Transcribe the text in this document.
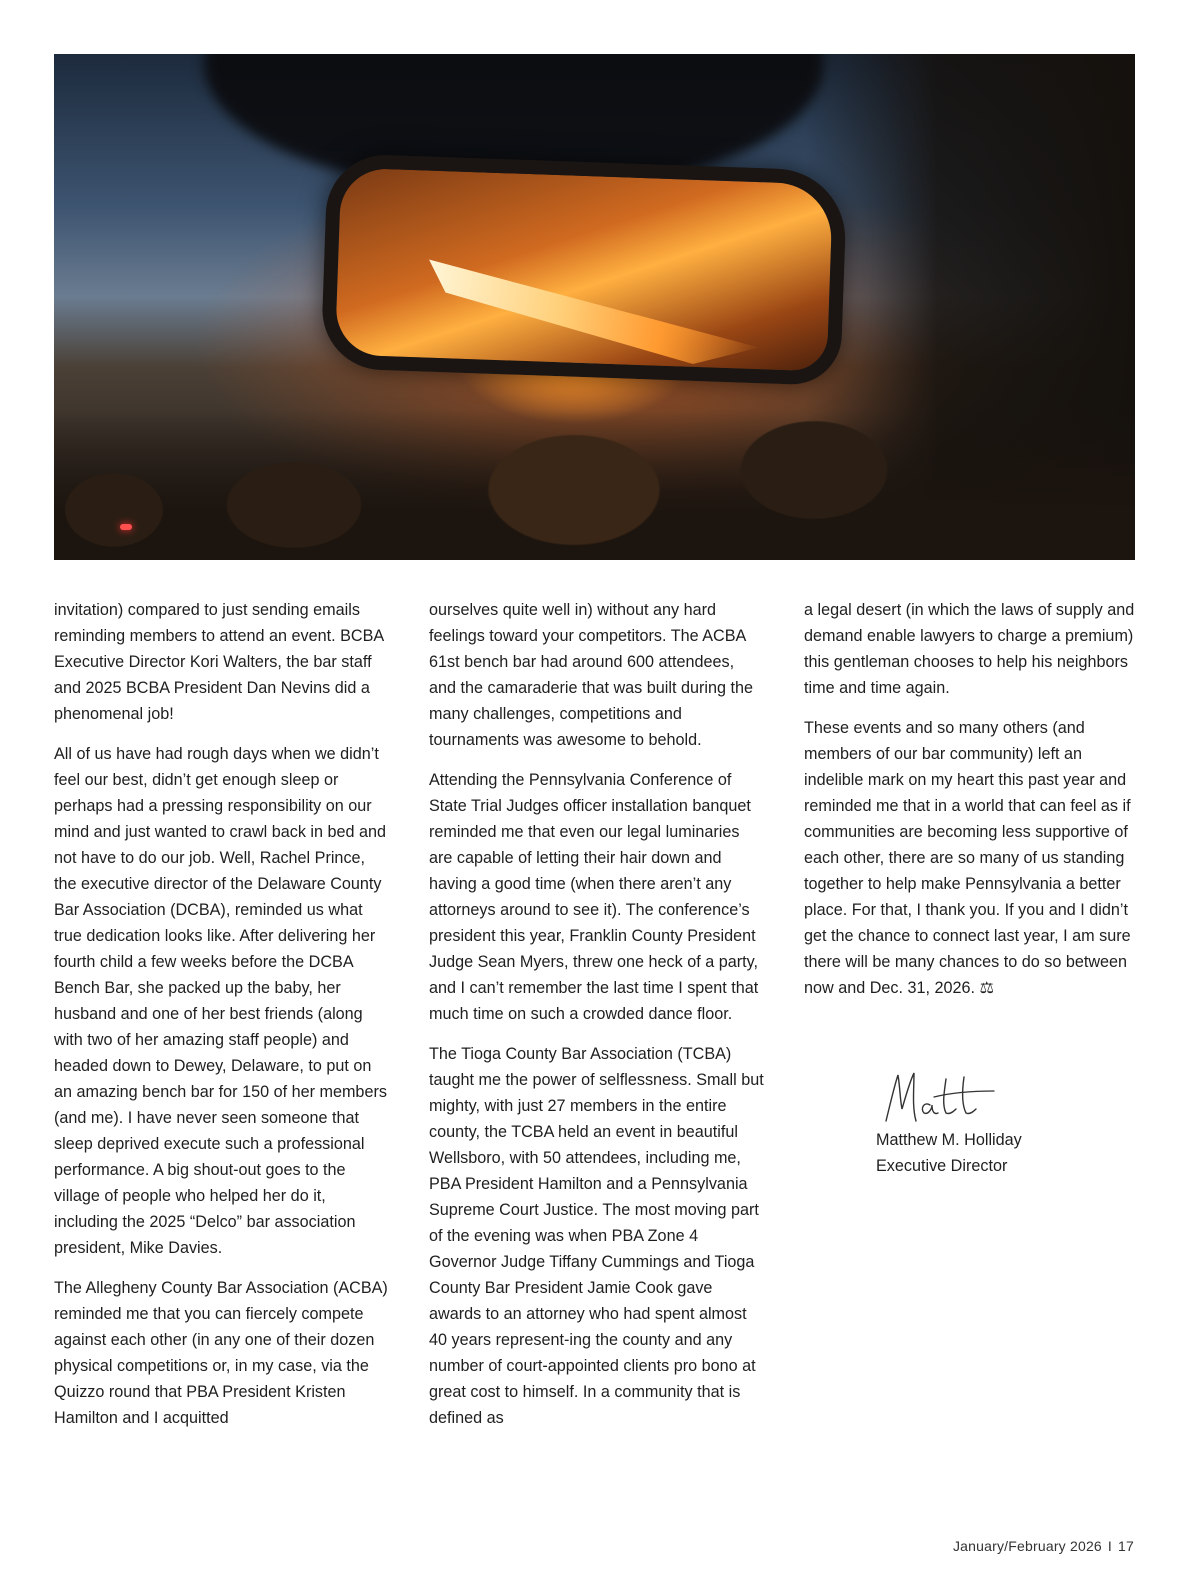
invitation) compared to just sending emails reminding members to attend an event. BCBA Executive Director Kori Walters, the bar staff and 2025 BCBA President Dan Nevins did a phenomenal job!

All of us have had rough days when we didn’t feel our best, didn’t get enough sleep or perhaps had a pressing responsibility on our mind and just wanted to crawl back in bed and not have to do our job. Well, Rachel Prince, the executive director of the Delaware County Bar Association (DCBA), reminded us what true dedication looks like. After delivering her fourth child a few weeks before the DCBA Bench Bar, she packed up the baby, her husband and one of her best friends (along with two of her amazing staff people) and headed down to Dewey, Delaware, to put on an amazing bench bar for 150 of her members (and me). I have never seen someone that sleep deprived execute such a professional performance. A big shout-out goes to the village of people who helped her do it, including the 2025 “Delco” bar association president, Mike Davies.

The Allegheny County Bar Association (ACBA) reminded me that you can fiercely compete against each other (in any one of their dozen physical competitions or, in my case, via the Quizzo round that PBA President Kristen Hamilton and I acquitted

ourselves quite well in) without any hard feelings toward your competitors. The ACBA 61st bench bar had around 600 attendees, and the camaraderie that was built during the many challenges, competitions and tournaments was awesome to behold.

Attending the Pennsylvania Conference of State Trial Judges officer installation banquet reminded me that even our legal luminaries are capable of letting their hair down and having a good time (when there aren’t any attorneys around to see it). The conference’s president this year, Franklin County President Judge Sean Myers, threw one heck of a party, and I can’t remember the last time I spent that much time on such a crowded dance floor.

The Tioga County Bar Association (TCBA) taught me the power of selflessness. Small but mighty, with just 27 members in the entire county, the TCBA held an event in beautiful Wellsboro, with 50 attendees, including me, PBA President Hamilton and a Pennsylvania Supreme Court Justice. The most moving part of the evening was when PBA Zone 4 Governor Judge Tiffany Cummings and Tioga County Bar President Jamie Cook gave awards to an attorney who had spent almost 40 years represent-ing the county and any number of court-appointed clients pro bono at great cost to himself. In a community that is defined as

a legal desert (in which the laws of supply and demand enable lawyers to charge a premium) this gentleman chooses to help his neighbors time and time again.

These events and so many others (and members of our bar community) left an indelible mark on my heart this past year and reminded me that in a world that can feel as if communities are becoming less supportive of each other, there are so many of us standing together to help make Pennsylvania a better place. For that, I thank you. If you and I didn’t get the chance to connect last year, I am sure there will be many chances to do so between now and Dec. 31, 2026. ⚖

Matthew M. Holliday
Executive Director
January/February 2026 I 17
